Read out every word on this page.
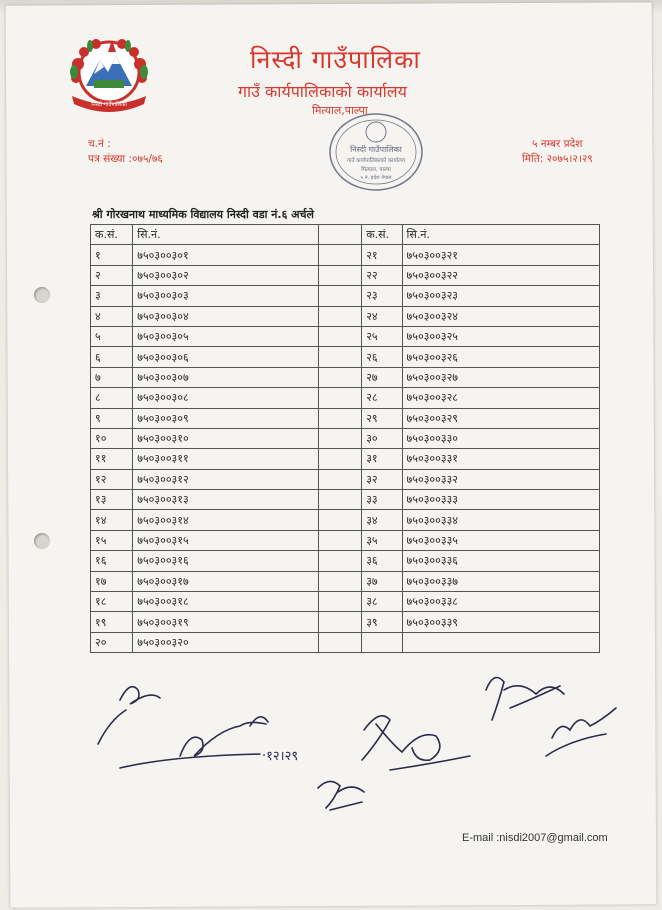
निस्दी गाउँपालिका
निस्दी गाउँपालिका
गाउँ कार्यपालिकाको कार्यालय
मित्याल,पाल्पा
च.नं :
पत्र संख्या :०७५/७६
५ नम्बर प्रदेश
मिति: २०७५।२।२९
निस्दी गाउँपालिका
गाउँ कार्यपालिकाको कार्यालय
मित्याल, पाल्पा
५ नं. प्रदेश नेपाल
श्री गोरखनाथ माध्यमिक विद्यालय निस्दी वडा नं.६ अर्चले
क.सं.	सि.नं.		क.सं.	सि.नं.
१	७५०३००३०१		२१	७५०३००३२१
२	७५०३००३०२		२२	७५०३००३२२
३	७५०३००३०३		२३	७५०३००३२३
४	७५०३००३०४		२४	७५०३००३२४
५	७५०३००३०५		२५	७५०३००३२५
६	७५०३००३०६		२६	७५०३००३२६
७	७५०३००३०७		२७	७५०३००३२७
८	७५०३००३०८		२८	७५०३००३२८
९	७५०३००३०९		२९	७५०३००३२९
१०	७५०३००३१०		३०	७५०३००३३०
११	७५०३००३११		३१	७५०३००३३१
१२	७५०३००३१२		३२	७५०३००३३२
१३	७५०३००३१३		३३	७५०३००३३३
१४	७५०३००३१४		३४	७५०३००३३४
१५	७५०३००३१५		३५	७५०३००३३५
१६	७५०३००३१६		३६	७५०३००३३६
१७	७५०३००३१७		३७	७५०३००३३७
१८	७५०३००३१८		३८	७५०३००३३८
१९	७५०३००३१९		३९	७५०३००३३९
२०	७५०३००३२०			
·१२।२९
E-mail :nisdi2007@gmail.com
